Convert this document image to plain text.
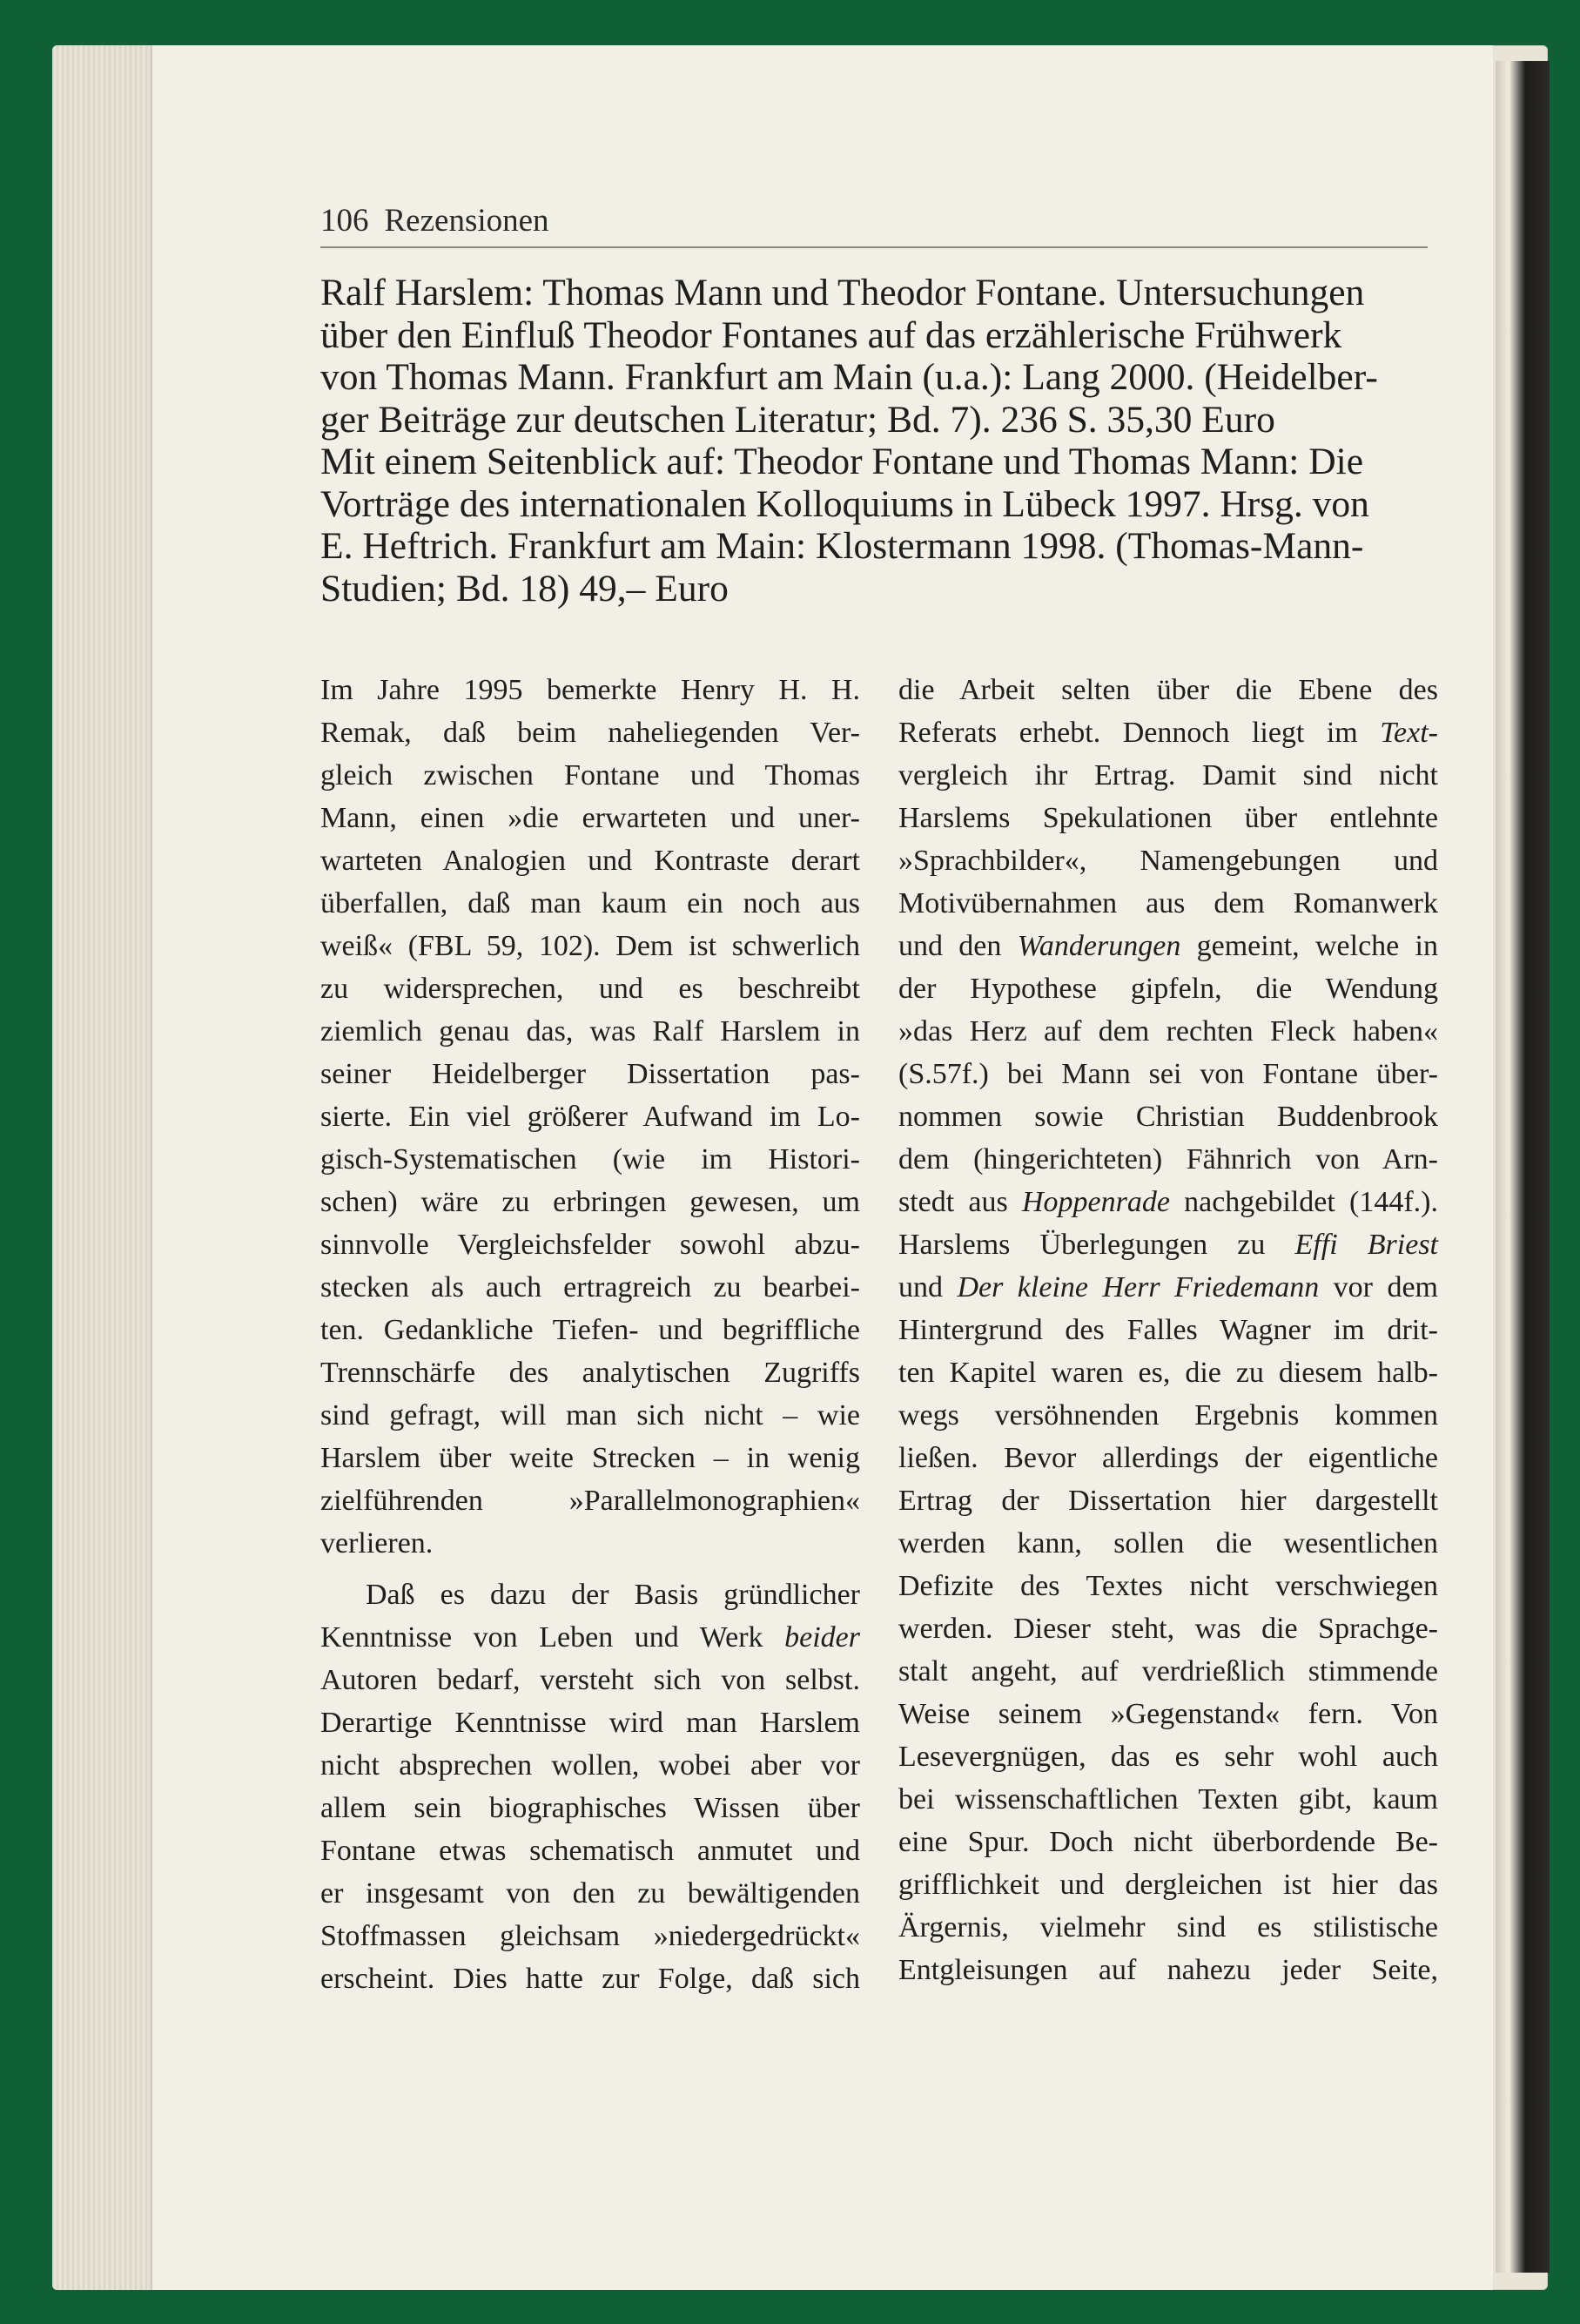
106 Rezensionen
Ralf Harslem: Thomas Mann und Theodor Fontane. Untersuchungen
über den Einfluß Theodor Fontanes auf das erzählerische Frühwerk
von Thomas Mann. Frankfurt am Main (u.a.): Lang 2000. (Heidelber-
ger Beiträge zur deutschen Literatur; Bd. 7). 236 S. 35,30 Euro
Mit einem Seitenblick auf: Theodor Fontane und Thomas Mann: Die
Vorträge des internationalen Kolloquiums in Lübeck 1997. Hrsg. von
E. Heftrich. Frankfurt am Main: Klostermann 1998. (Thomas-Mann-
Studien; Bd. 18) 49,– Euro
Im Jahre 1995 bemerkte Henry H. H.
Remak, daß beim naheliegenden Ver-
gleich zwischen Fontane und Thomas
Mann, einen »die erwarteten und uner-
warteten Analogien und Kontraste derart
überfallen, daß man kaum ein noch aus
weiß« (FBL 59, 102). Dem ist schwerlich
zu widersprechen, und es beschreibt
ziemlich genau das, was Ralf Harslem in
seiner Heidelberger Dissertation pas-
sierte. Ein viel größerer Aufwand im Lo-
gisch-Systematischen (wie im Histori-
schen) wäre zu erbringen gewesen, um
sinnvolle Vergleichsfelder sowohl abzu-
stecken als auch ertragreich zu bearbei-
ten. Gedankliche Tiefen- und begriffliche
Trennschärfe des analytischen Zugriffs
sind gefragt, will man sich nicht – wie
Harslem über weite Strecken – in wenig
zielführenden »Parallelmonographien«
verlieren.
Daß es dazu der Basis gründlicher
Kenntnisse von Leben und Werk beider
Autoren bedarf, versteht sich von selbst.
Derartige Kenntnisse wird man Harslem
nicht absprechen wollen, wobei aber vor
allem sein biographisches Wissen über
Fontane etwas schematisch anmutet und
er insgesamt von den zu bewältigenden
Stoffmassen gleichsam »niedergedrückt«
erscheint. Dies hatte zur Folge, daß sich
die Arbeit selten über die Ebene des
Referats erhebt. Dennoch liegt im Text-
vergleich ihr Ertrag. Damit sind nicht
Harslems Spekulationen über entlehnte
»Sprachbilder«, Namengebungen und
Motivübernahmen aus dem Romanwerk
und den Wanderungen gemeint, welche in
der Hypothese gipfeln, die Wendung
»das Herz auf dem rechten Fleck haben«
(S.57f.) bei Mann sei von Fontane über-
nommen sowie Christian Buddenbrook
dem (hingerichteten) Fähnrich von Arn-
stedt aus Hoppenrade nachgebildet (144f.).
Harslems Überlegungen zu Effi Briest
und Der kleine Herr Friedemann vor dem
Hintergrund des Falles Wagner im drit-
ten Kapitel waren es, die zu diesem halb-
wegs versöhnenden Ergebnis kommen
ließen. Bevor allerdings der eigentliche
Ertrag der Dissertation hier dargestellt
werden kann, sollen die wesentlichen
Defizite des Textes nicht verschwiegen
werden. Dieser steht, was die Sprachge-
stalt angeht, auf verdrießlich stimmende
Weise seinem »Gegenstand« fern. Von
Lesevergnügen, das es sehr wohl auch
bei wissenschaftlichen Texten gibt, kaum
eine Spur. Doch nicht überbordende Be-
grifflichkeit und dergleichen ist hier das
Ärgernis, vielmehr sind es stilistische
Entgleisungen auf nahezu jeder Seite,
